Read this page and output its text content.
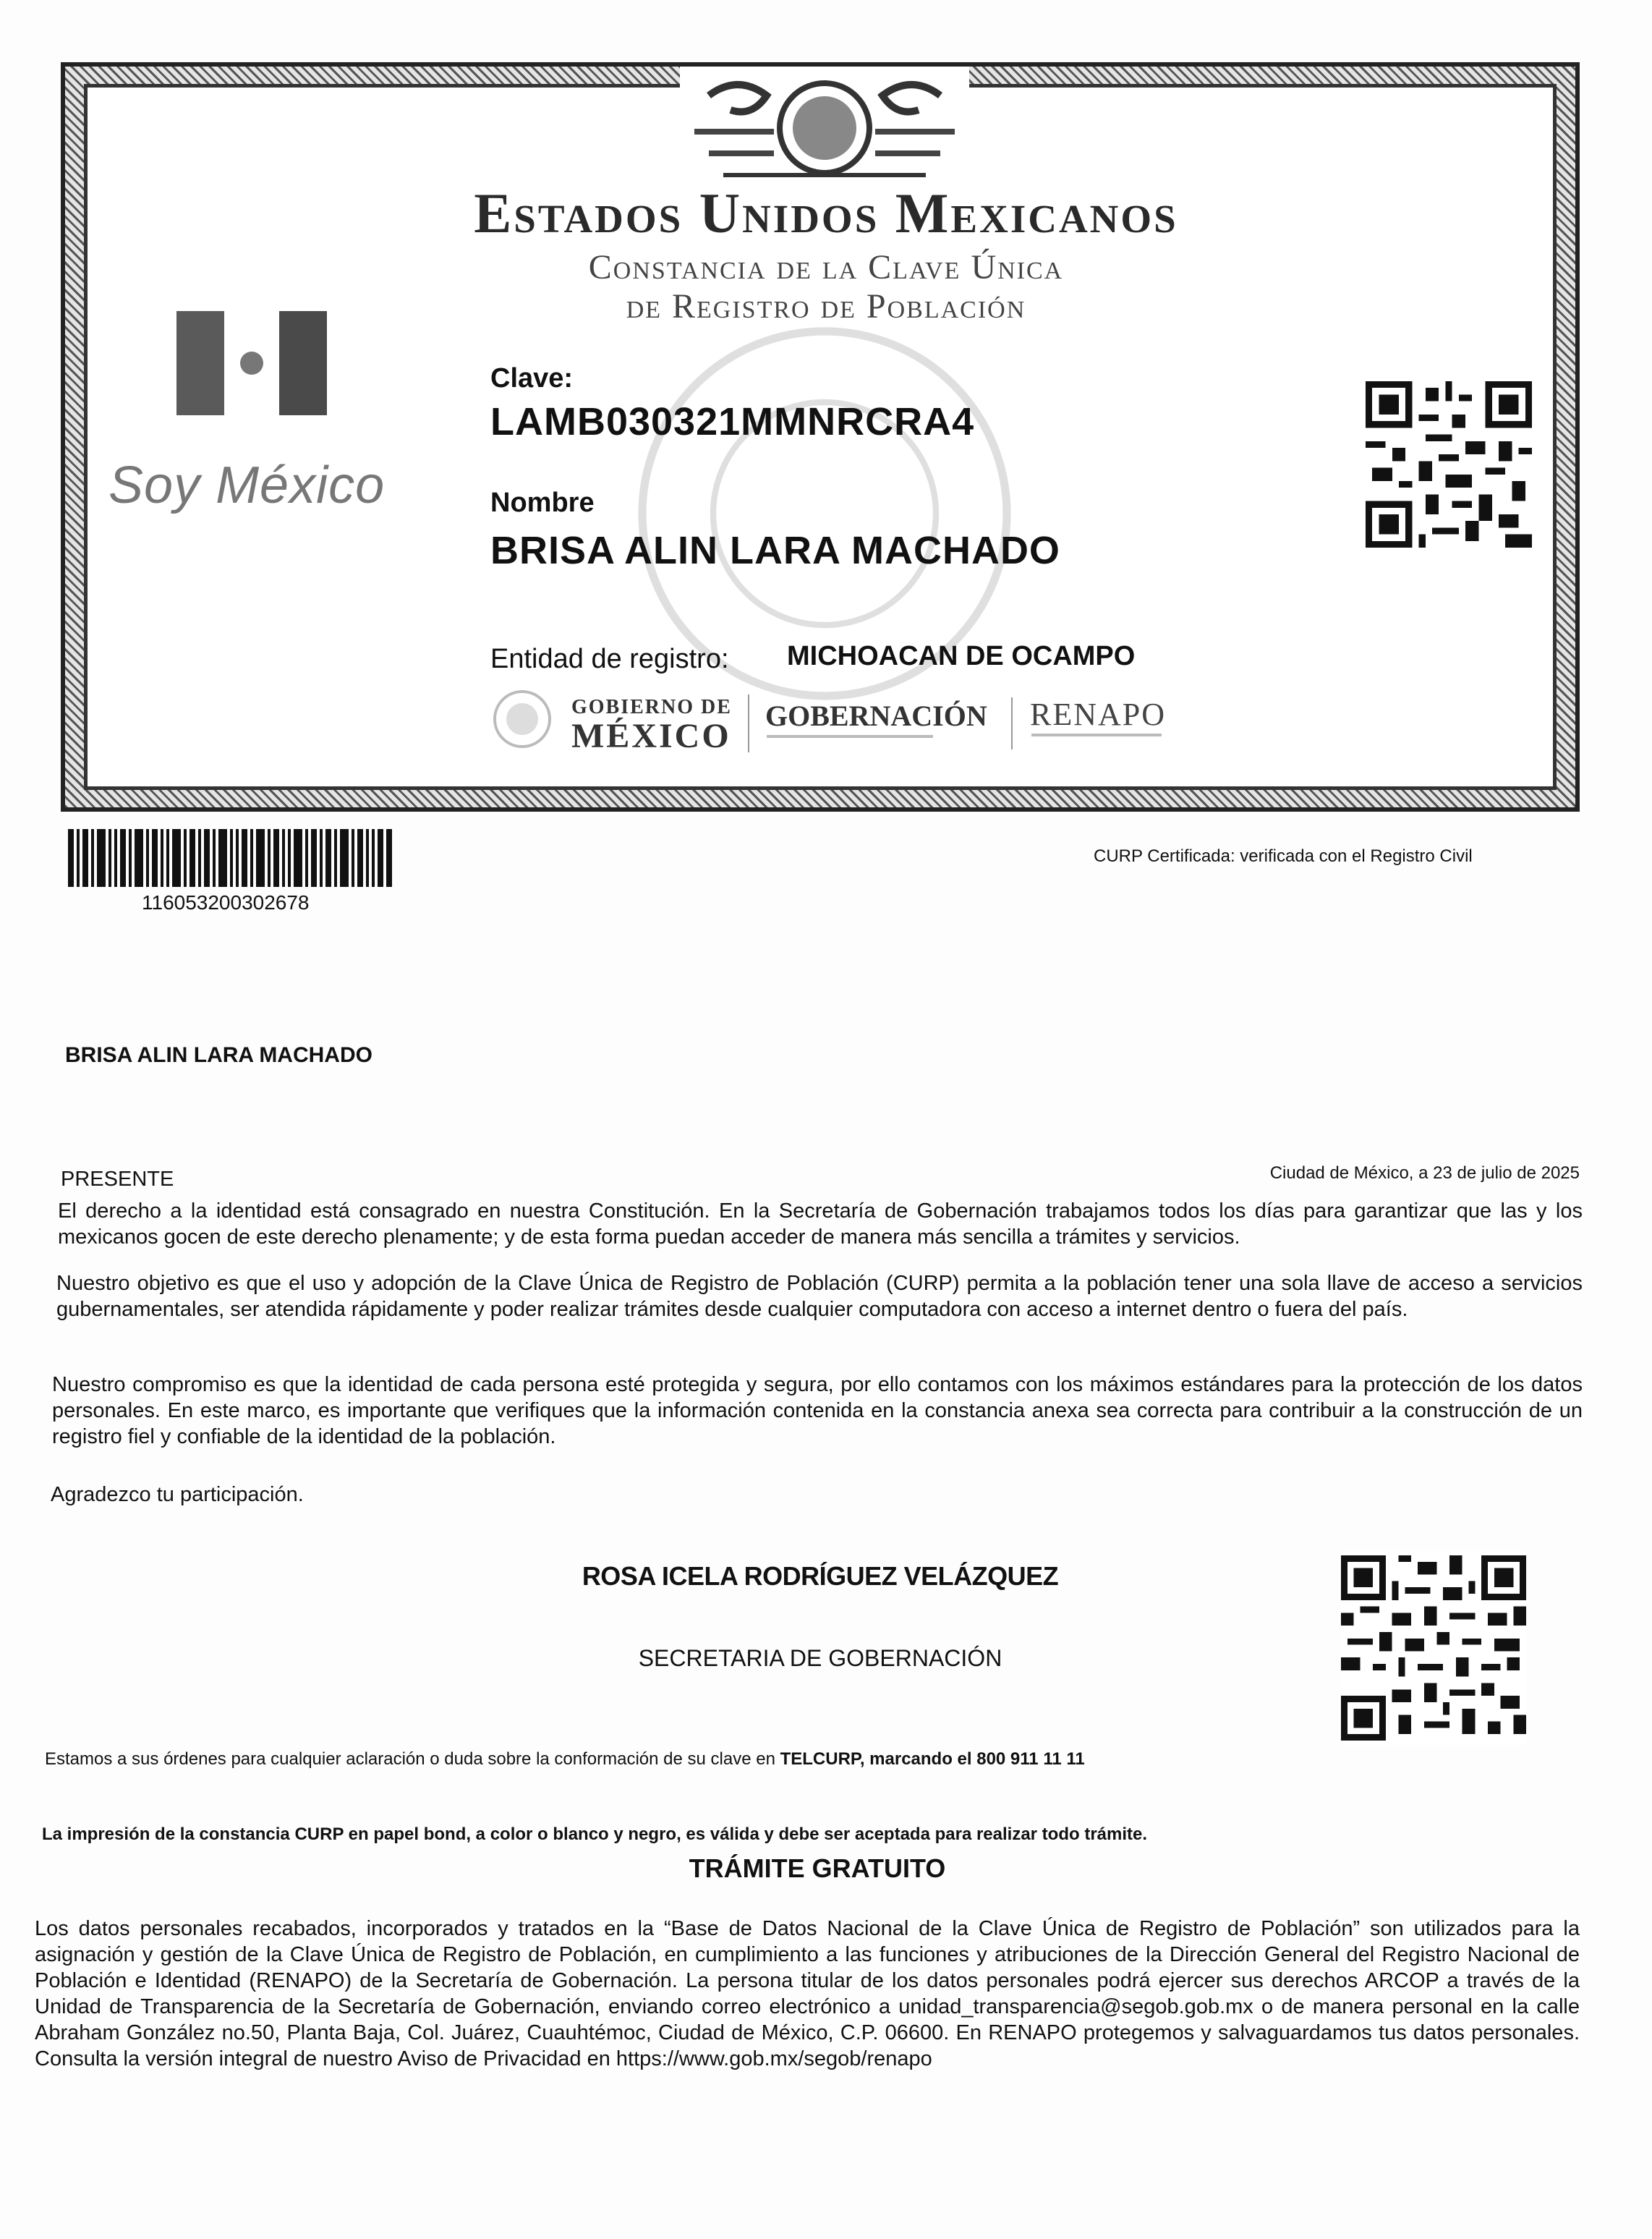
Estados Unidos Mexicanos
Constancia de la Clave Única
de Registro de Población
Soy México
Clave:
LAMB030321MMNRCRA4
Nombre
BRISA ALIN LARA MACHADO
Entidad de registro: MICHOACAN DE OCAMPO
GOBIERNO DE
MÉXICO
GOBERNACIÓN RENAPO
116053200302678
CURP Certificada: verificada con el Registro Civil
BRISA ALIN LARA MACHADO
PRESENTE	Ciudad de México, a 23 de julio de 2025
El derecho a la identidad está consagrado en nuestra Constitución. En la Secretaría de Gobernación trabajamos todos los días para garantizar que las y los mexicanos gocen de este derecho plenamente; y de esta forma puedan acceder de manera más sencilla a trámites y servicios.
Nuestro objetivo es que el uso y adopción de la Clave Única de Registro de Población (CURP) permita a la población tener una sola llave de acceso a servicios gubernamentales, ser atendida rápidamente y poder realizar trámites desde cualquier computadora con acceso a internet dentro o fuera del país.
Nuestro compromiso es que la identidad de cada persona esté protegida y segura, por ello contamos con los máximos estándares para la protección de los datos personales. En este marco, es importante que verifiques que la información contenida en la constancia anexa sea correcta para contribuir a la construcción de un registro fiel y confiable de la identidad de la población.
Agradezco tu participación.
ROSA ICELA RODRÍGUEZ VELÁZQUEZ
SECRETARIA DE GOBERNACIÓN
Estamos a sus órdenes para cualquier aclaración o duda sobre la conformación de su clave en TELCURP, marcando el 800 911 11 11
La impresión de la constancia CURP en papel bond, a color o blanco y negro, es válida y debe ser aceptada para realizar todo trámite.
TRÁMITE GRATUITO
Los datos personales recabados, incorporados y tratados en la “Base de Datos Nacional de la Clave Única de Registro de Población” son utilizados para la asignación y gestión de la Clave Única de Registro de Población, en cumplimiento a las funciones y atribuciones de la Dirección General del Registro Nacional de Población e Identidad (RENAPO) de la Secretaría de Gobernación. La persona titular de los datos personales podrá ejercer sus derechos ARCOP a través de la Unidad de Transparencia de la Secretaría de Gobernación, enviando correo electrónico a unidad_transparencia@segob.gob.mx o de manera personal en la calle Abraham González no.50, Planta Baja, Col. Juárez, Cuauhtémoc, Ciudad de México, C.P. 06600. En RENAPO protegemos y salvaguardamos tus datos personales. Consulta la versión integral de nuestro Aviso de Privacidad en https://www.gob.mx/segob/renapo
